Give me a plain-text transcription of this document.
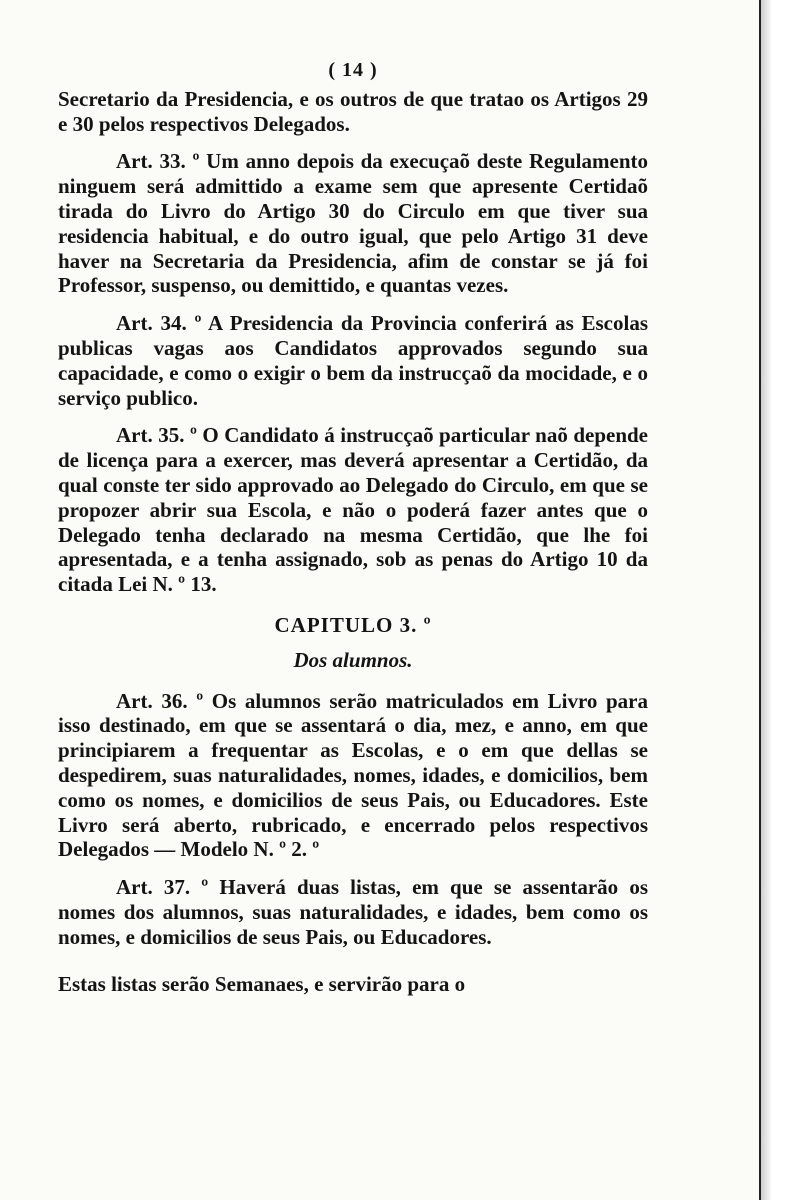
( 14 )

Secretario da Presidencia, e os outros de que tratao os Artigos 29 e 30 pelos respectivos Delegados.

Art. 33. º Um anno depois da execuçaõ deste Regulamento ninguem será admittido a exame sem que apresente Certidaõ tirada do Livro do Artigo 30 do Circulo em que tiver sua residencia habitual, e do outro igual, que pelo Artigo 31 deve haver na Secretaria da Presidencia, afim de constar se já foi Professor, suspenso, ou demittido, e quantas vezes.

Art. 34. º A Presidencia da Provincia conferirá as Escolas publicas vagas aos Candidatos approvados segundo sua capacidade, e como o exigir o bem da instrucçaõ da mocidade, e o serviço publico.

Art. 35. º O Candidato á instrucçaõ particular naõ depende de licença para a exercer, mas deverá apresentar a Certidão, da qual conste ter sido approvado ao Delegado do Circulo, em que se propozer abrir sua Escola, e não o poderá fazer antes que o Delegado tenha declarado na mesma Certidão, que lhe foi apresentada, e a tenha assignado, sob as penas do Artigo 10 da citada Lei N. º 13.

CAPITULO 3. º
Dos alumnos.

Art. 36. º Os alumnos serão matriculados em Livro para isso destinado, em que se assentará o dia, mez, e anno, em que principiarem a frequentar as Escolas, e o em que dellas se despedirem, suas naturalidades, nomes, idades, e domicilios, bem como os nomes, e domicilios de seus Pais, ou Educadores. Este Livro será aberto, rubricado, e encerrado pelos respectivos Delegados — Modelo N. º 2. º

Art. 37. º Haverá duas listas, em que se assentarão os nomes dos alumnos, suas naturalidades, e idades, bem como os nomes, e domicilios de seus Pais, ou Educadores.

Estas listas serão Semanaes, e servirão para o
